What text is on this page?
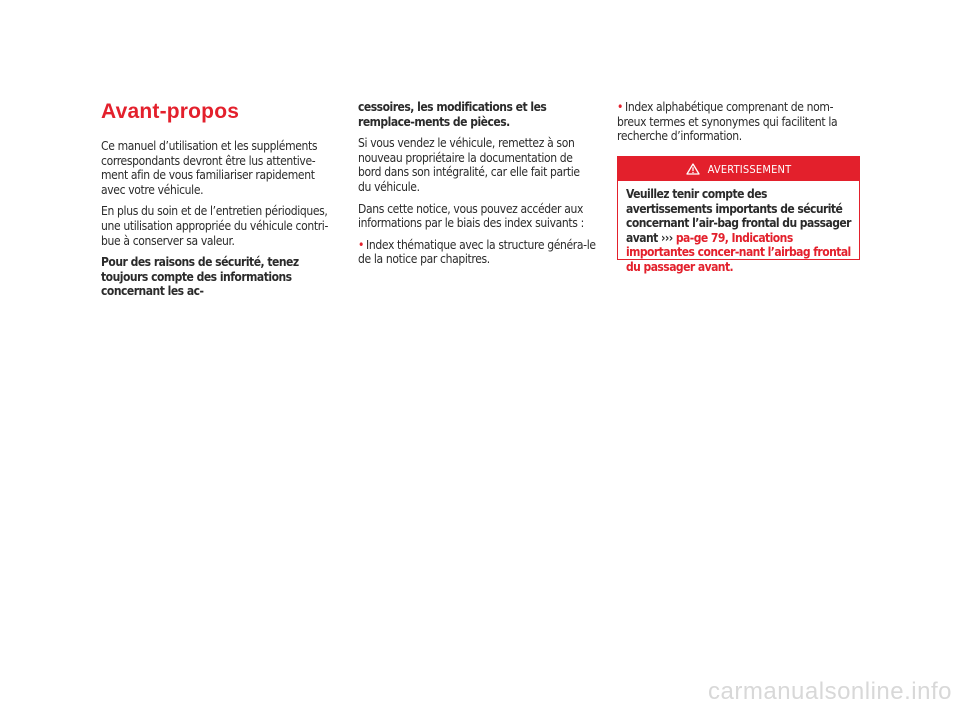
Avant-propos

Ce manuel d’utilisation et les suppléments correspondants devront être lus attentive-ment afin de vous familiariser rapidement avec votre véhicule.

En plus du soin et de l’entretien périodiques, une utilisation appropriée du véhicule contri-bue à conserver sa valeur.

Pour des raisons de sécurité, tenez toujours compte des informations concernant les ac-

cessoires, les modifications et les remplace-ments de pièces.

Si vous vendez le véhicule, remettez à son nouveau propriétaire la documentation de bord dans son intégralité, car elle fait partie du véhicule.

Dans cette notice, vous pouvez accéder aux informations par le biais des index suivants :

• Index thématique avec la structure généra-le de la notice par chapitres.

• Index alphabétique comprenant de nom-breux termes et synonymes qui facilitent la recherche d’information.

AVERTISSEMENT
Veuillez tenir compte des avertissements importants de sécurité concernant l’air-bag frontal du passager avant ››› pa-ge 79, Indications importantes concer-nant l’airbag frontal du passager avant.
carmanualsonline.info
